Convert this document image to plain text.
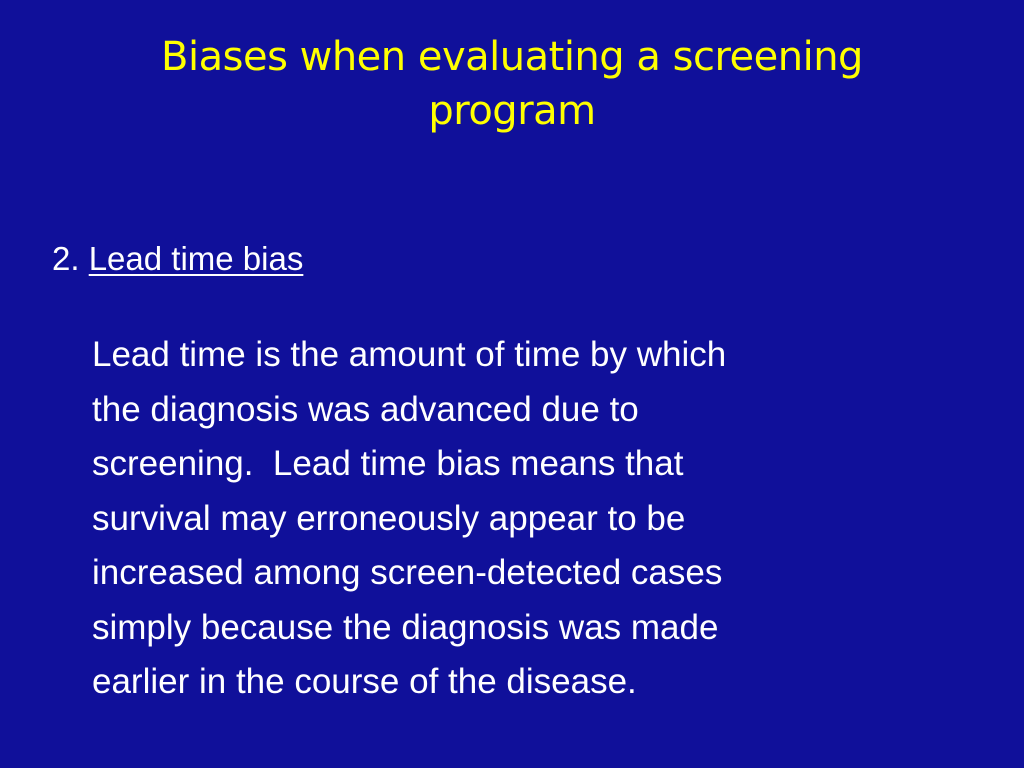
Biases when evaluating a screening
program
2. Lead time bias
Lead time is the amount of time by which
the diagnosis was advanced due to
screening.  Lead time bias means that
survival may erroneously appear to be
increased among screen-detected cases
simply because the diagnosis was made
earlier in the course of the disease.
